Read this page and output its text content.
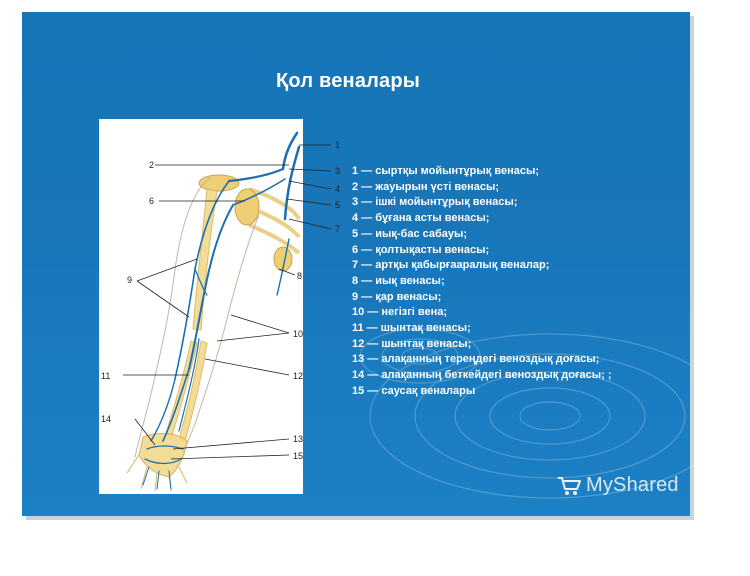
Қол веналары
1
2
3
4
5
6
7
8
9
10
11	12
13
14
15
1 — сыртқы мойынтұрық венасы;
2 — жауырын үсті венасы;
3 — ішкі мойынтұрық венасы;
4 — бұғана асты венасы;
5 — иық-бас сабауы;
6 — қолтықасты венасы;
7 — артқы қабырғааралық веналар;
8 — иық венасы;
9 — қар венасы;
10 — негізгі вена;
11 — шынтақ венасы;
12 — шынтақ венасы;
13 — алақанның тереңдегі веноздық доғасы;
14 — алақанның беткейдегі веноздық доғасы; ;
15 — саусақ веналары
MyShared
